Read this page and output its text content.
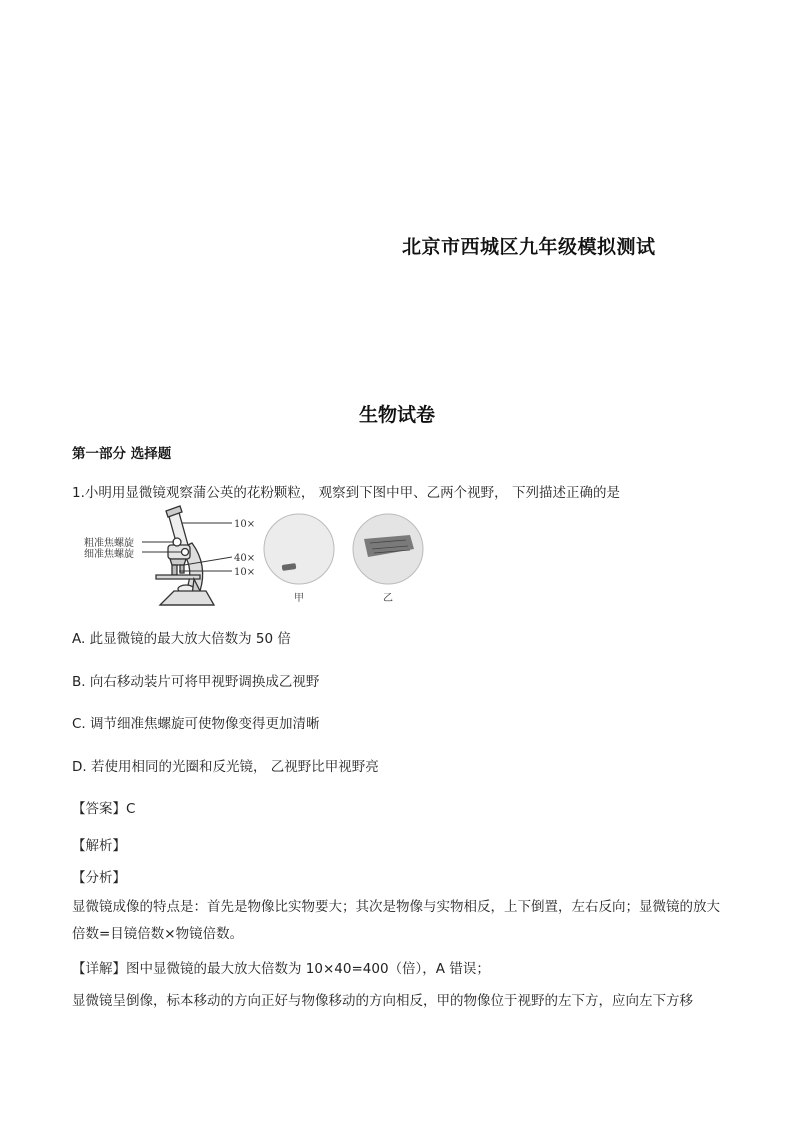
北京市西城区九年级模拟测试
生物试卷
第一部分 选择题
1.小明用显微镜观察蒲公英的花粉颗粒， 观察到下图中甲、乙两个视野， 下列描述正确的是
10×
粗准焦螺旋
细准焦螺旋	40×
10×
甲	乙
A. 此显微镜的最大放大倍数为 50 倍
B. 向右移动装片可将甲视野调换成乙视野
C. 调节细准焦螺旋可使物像变得更加清晰
D. 若使用相同的光圈和反光镜， 乙视野比甲视野亮
【答案】C
【解析】
【分析】
显微镜成像的特点是：首先是物像比实物要大；其次是物像与实物相反，上下倒置，左右反向；显微镜的放大倍数=目镜倍数×物镜倍数。
【详解】图中显微镜的最大放大倍数为 10×40=400（倍），A 错误；
显微镜呈倒像，标本移动的方向正好与物像移动的方向相反，甲的物像位于视野的左下方，应向左下方移
